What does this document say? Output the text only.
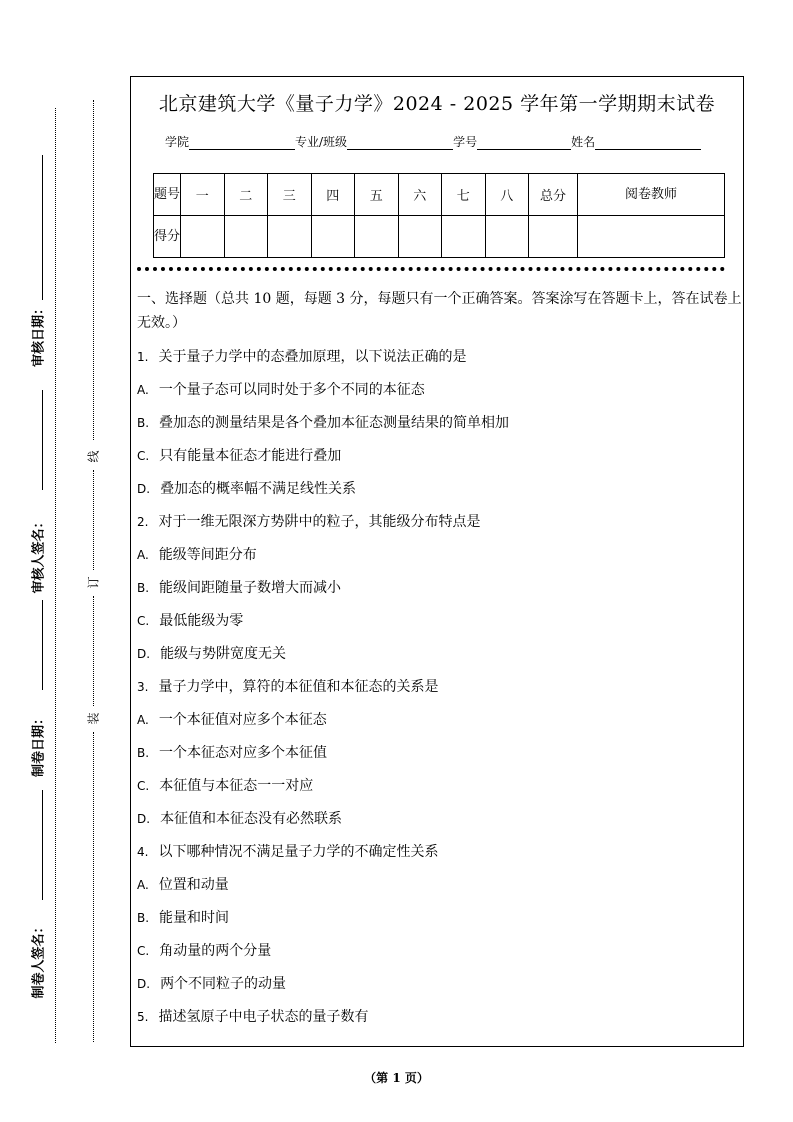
审核日期：
审核人签名：
制卷日期：
制卷人签名：
线
订
装
北京建筑大学《量子力学》2024 - 2025 学年第一学期期末试卷
学院	专业/班级	学号	姓名
题号	一	二	三	四	五	六	七	八	总分	阅卷教师
得分										
一、选择题（总共 10 题，每题 3 分，每题只有一个正确答案。答案涂写在答题卡上，答在试卷上无效。）
1. 关于量子力学中的态叠加原理，以下说法正确的是
A. 一个量子态可以同时处于多个不同的本征态
B. 叠加态的测量结果是各个叠加本征态测量结果的简单相加
C. 只有能量本征态才能进行叠加
D. 叠加态的概率幅不满足线性关系
2. 对于一维无限深方势阱中的粒子，其能级分布特点是
A. 能级等间距分布
B. 能级间距随量子数增大而减小
C. 最低能级为零
D. 能级与势阱宽度无关
3. 量子力学中，算符的本征值和本征态的关系是
A. 一个本征值对应多个本征态
B. 一个本征态对应多个本征值
C. 本征值与本征态一一对应
D. 本征值和本征态没有必然联系
4. 以下哪种情况不满足量子力学的不确定性关系
A. 位置和动量
B. 能量和时间
C. 角动量的两个分量
D. 两个不同粒子的动量
5. 描述氢原子中电子状态的量子数有
（第 1 页）
